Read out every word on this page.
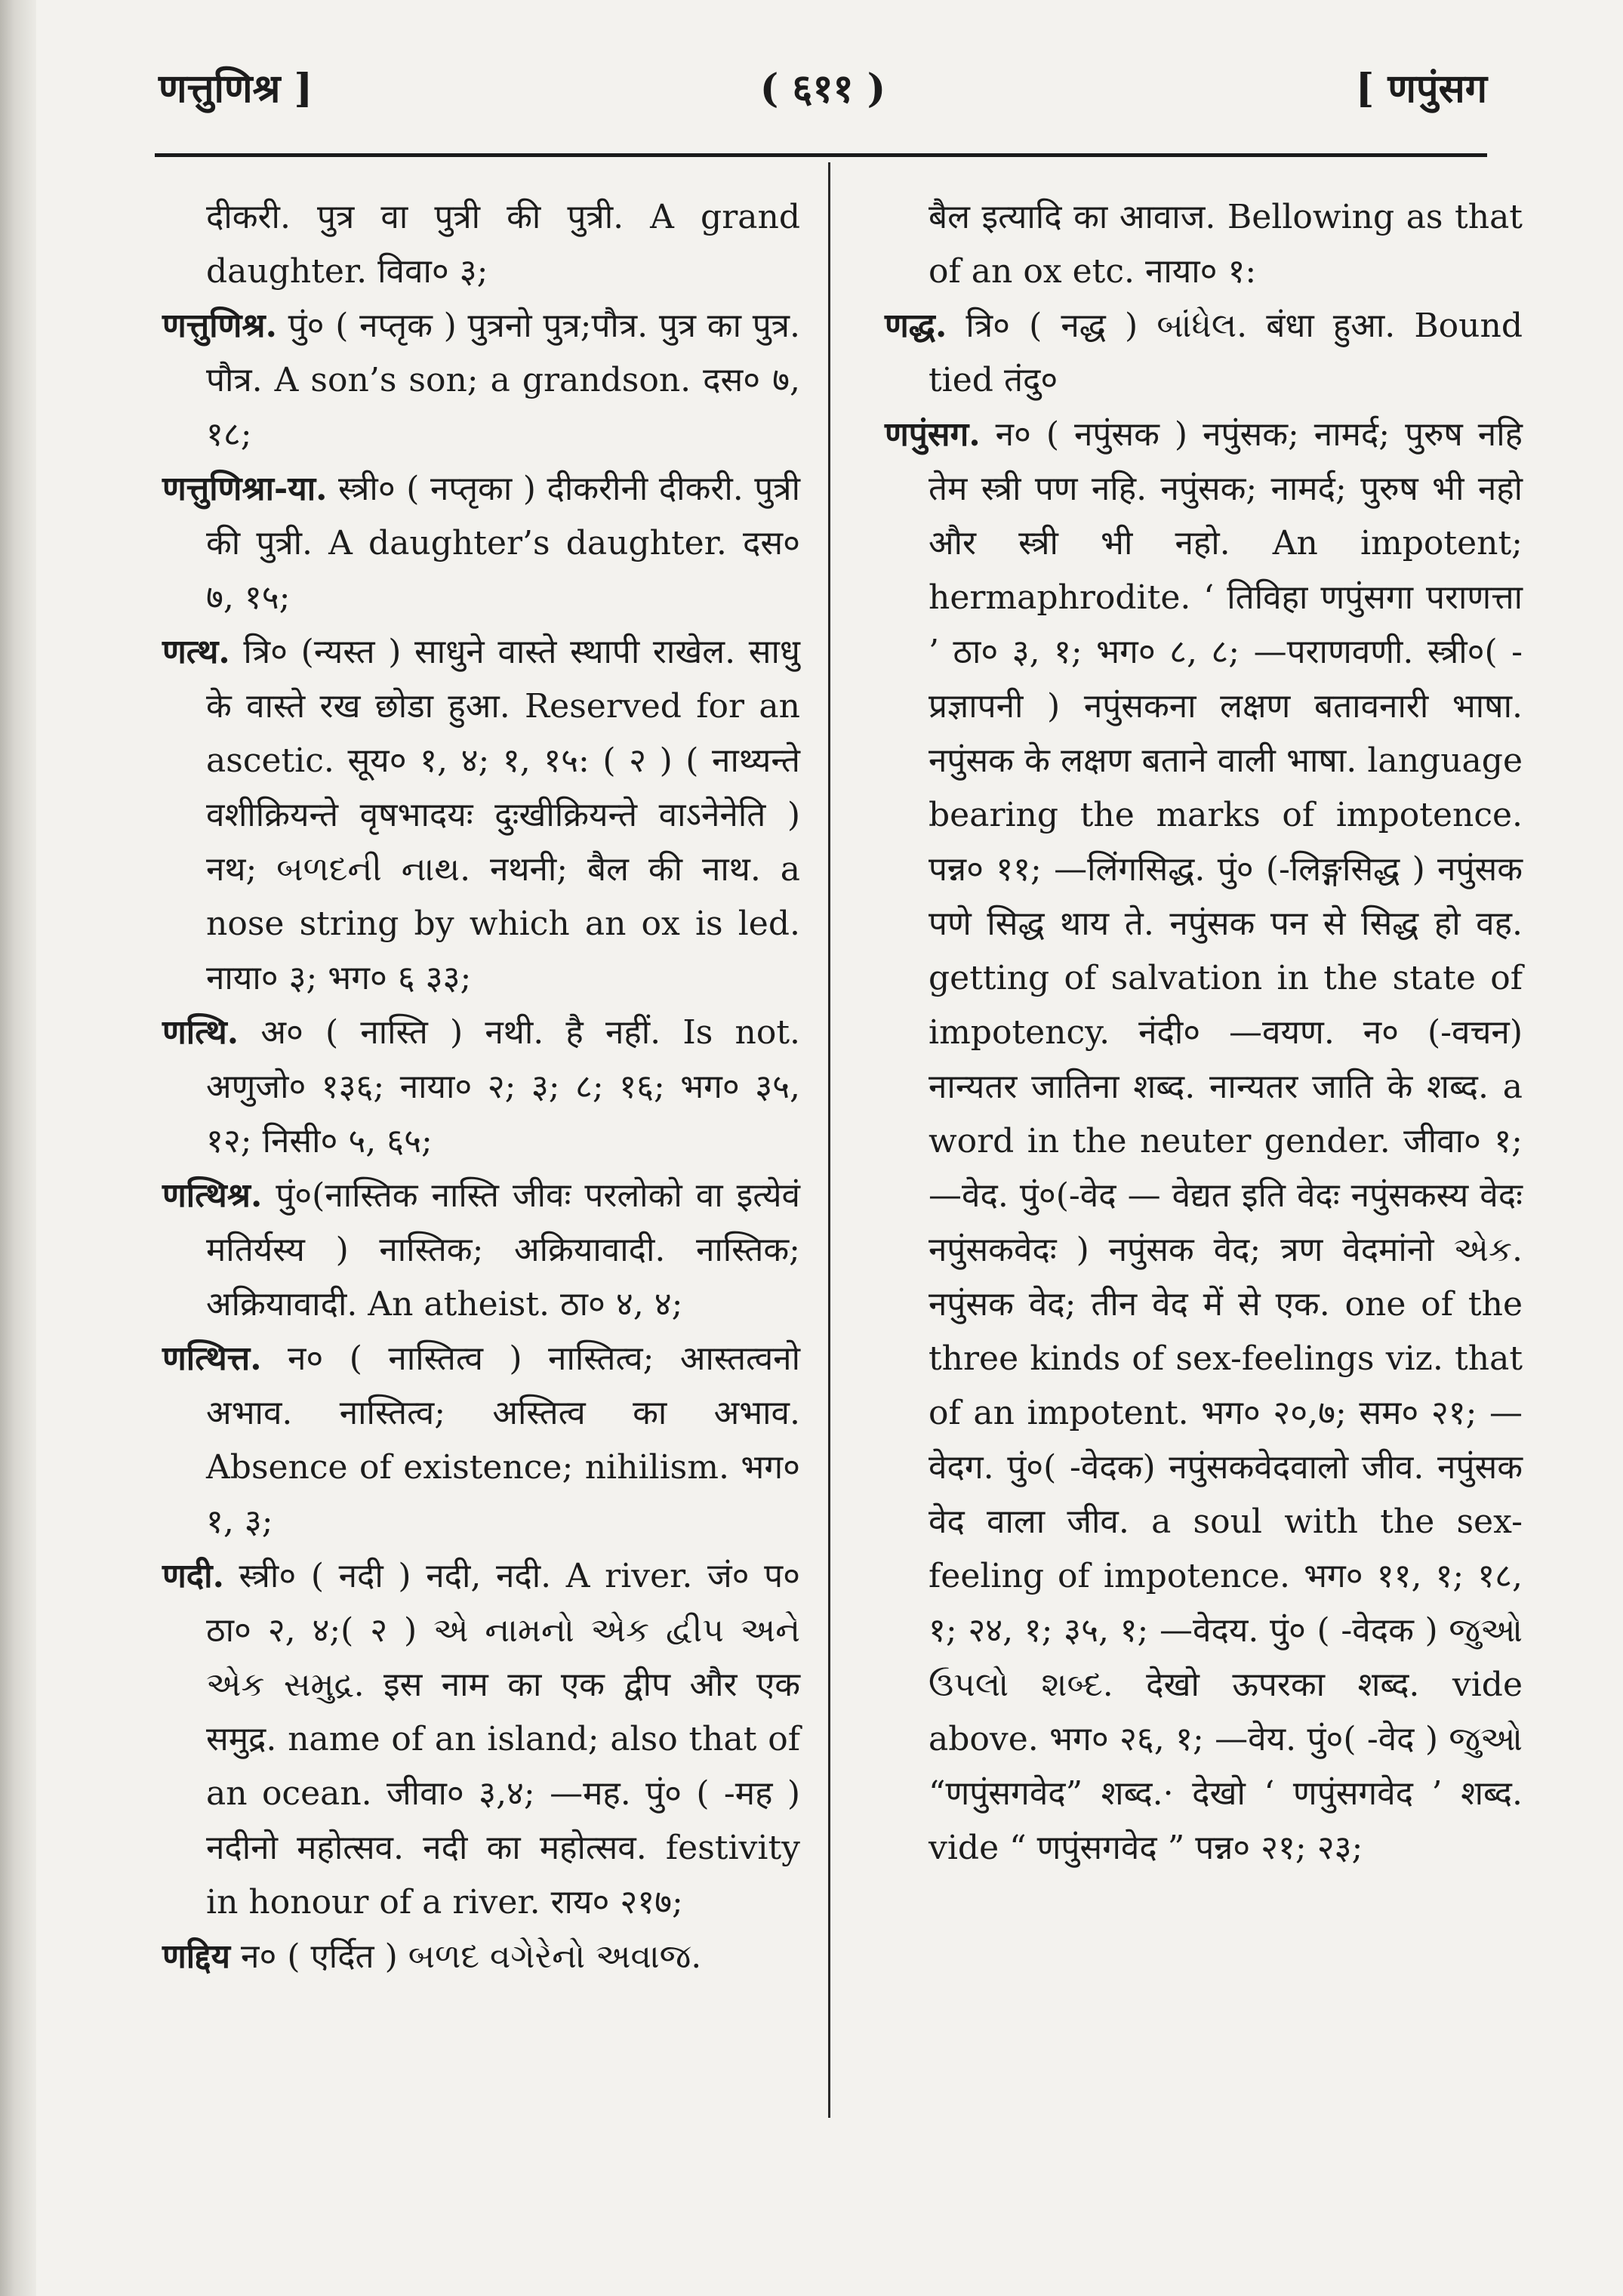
णत्तुणिश्र ]	( ६११ )	[ णपुंसग

दीकरी. पुत्र वा पुत्री की पुत्री. A grand daughter. विवा० ३;

णत्तुणिश्र. पुं० ( नप्तृक ) पुत्रनो पुत्र;पौत्र. पुत्र का पुत्र. पौत्र. A son’s son; a grandson. दस० ७, १८;

णत्तुणिश्रा-या. स्त्री० ( नप्तृका ) दीकरीनी दीकरी. पुत्री की पुत्री. A daughter’s daughter. दस० ७, १५;

णत्थ. त्रि० (न्यस्त ) साधुने वास्ते स्थापी राखेल. साधु के वास्ते रख छोडा हुआ. Reserved for an ascetic. सूय० १, ४; १, १५: ( २ ) ( नाथ्यन्ते वशीक्रियन्ते वृषभादयः दुःखीक्रियन्ते वाऽनेनेति ) नथ; બળદની નાથ. नथनी; बैल की नाथ. a nose string by which an ox is led. नाया० ३; भग० ६ ३३;

णत्थि. अ० ( नास्ति ) नथी. है नहीं. Is not. अणुजो० १३६; नाया० २; ३; ८; १६; भग० ३५, १२; निसी० ५, ६५;

णत्थिश्र. पुं०(नास्तिक नास्ति जीवः परलोको वा इत्येवं मतिर्यस्य ) नास्तिक; अक्रियावादी. नास्तिक; अक्रियावादी. An atheist. ठा० ४, ४;

णत्थित्त. न० ( नास्तित्व ) नास्तित्व; आस्तत्वनो अभाव. नास्तित्व; अस्तित्व का अभाव. Absence of existence; nihilism. भग० १, ३;

णदी. स्त्री० ( नदी ) नदी, नदी. A river. जं० प० ठा० २, ४;( २ ) એ નામનો એક દ્વીપ અને એક સમુદ્ર. इस नाम का एक द्वीप और एक समुद्र. name of an island; also that of an ocean. जीवा० ३,४; —मह. पुं० ( -मह ) नदीनो महोत्सव. नदी का महोत्सव. festivity in honour of a river. राय० २१७;

णद्दिय न० ( एर्दित ) બળદ વગેરેનો અવાજ.

बैल इत्यादि का आवाज. Bellowing as that of an ox etc. नाया० १:

णद्ध. त्रि० ( नद्ध ) બાંધેલ. बंधा हुआ. Bound tied तंदु०

णपुंसग. न० ( नपुंसक ) नपुंसक; नामर्द; पुरुष नहि तेम स्त्री पण नहि. नपुंसक; नामर्द; पुरुष भी नहो और स्त्री भी नहो. An impotent; hermaphrodite. ‘ तिविहा णपुंसगा पराणत्ता ’ ठा० ३, १; भग० ८, ८; —पराणवणी. स्त्री०( -प्रज्ञापनी ) नपुंसकना लक्षण बतावनारी भाषा. नपुंसक के लक्षण बताने वाली भाषा. language bearing the marks of impotence. पन्न० ११; —लिंगसिद्ध. पुं० (-लिङ्गसिद्ध ) नपुंसक पणे सिद्ध थाय ते. नपुंसक पन से सिद्ध हो वह. getting of salvation in the state of impotency. नंदी० —वयण. न० (-वचन) नान्यतर जातिना शब्द. नान्यतर जाति के शब्द. a word in the neuter gender. जीवा० १;—वेद. पुं०(-वेद — वेद्यत इति वेदः नपुंसकस्य वेदः नपुंसकवेदः ) नपुंसक वेद; त्रण वेदमांनो એક. नपुंसक वेद; तीन वेद में से एक. one of the three kinds of sex-feelings viz. that of an impotent. भग० २०,७; सम० २१; —वेदग. पुं०( -वेदक) नपुंसकवेदवालो जीव. नपुंसक वेद वाला जीव. a soul with the sex-feeling of impotence. भग० ११, १; १८, १; २४, १; ३५, १; —वेदय. पुं० ( -वेदक ) જુઓ ઉપલો શબ્દ. देखो ऊपरका शब्द. vide above. भग० २६, १; —वेय. पुं०( -वेद ) જુઓ “णपुंसगवेद” शब्द.· देखो ‘ णपुंसगवेद ’ शब्द. vide “ णपुंसगवेद ” पन्न० २१; २३;
